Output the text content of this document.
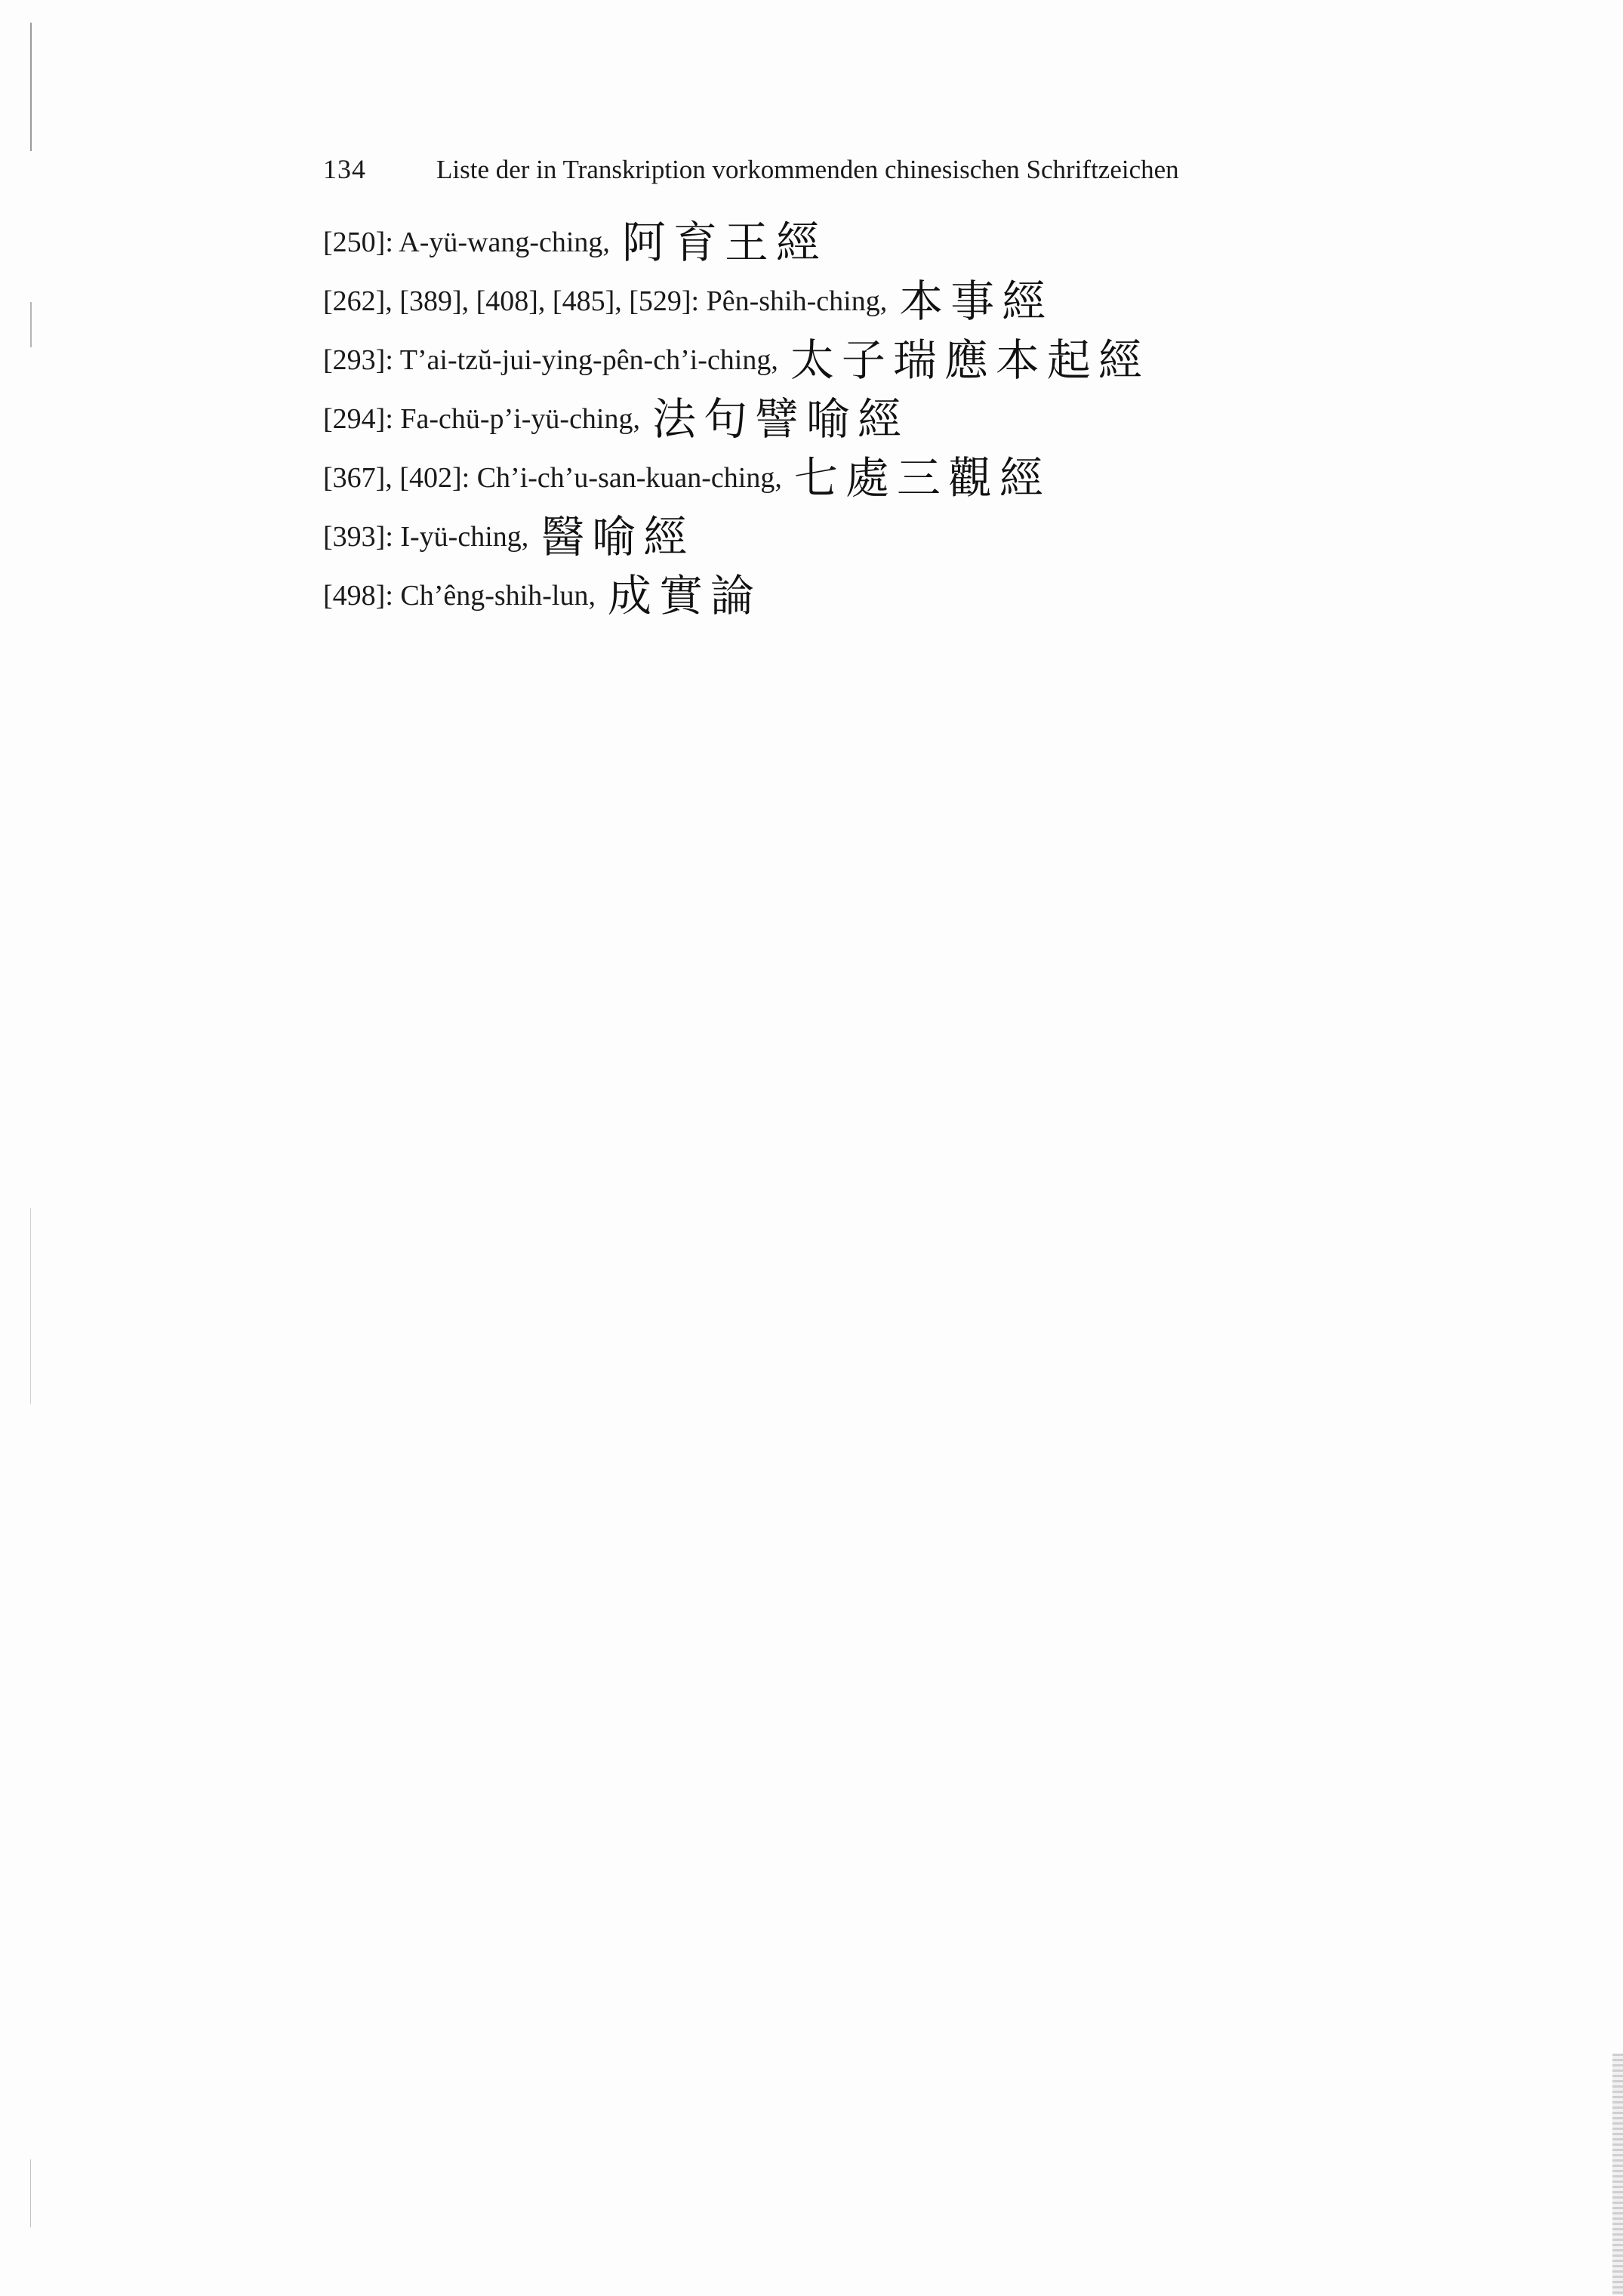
134	Liste der in Transkription vorkommenden chinesischen Schriftzeichen
[250]: A-yü-wang-ching, 阿育王經
[262], [389], [408], [485], [529]: Pên-shih-ching, 本事經
[293]: T’ai-tzŭ-jui-ying-pên-ch’i-ching, 太子瑞應本起經
[294]: Fa-chü-p’i-yü-ching, 法句譬喻經
[367], [402]: Ch’i-ch’u-san-kuan-ching, 七處三觀經
[393]: I-yü-ching, 醫喻經
[498]: Ch’êng-shih-lun, 成實論
